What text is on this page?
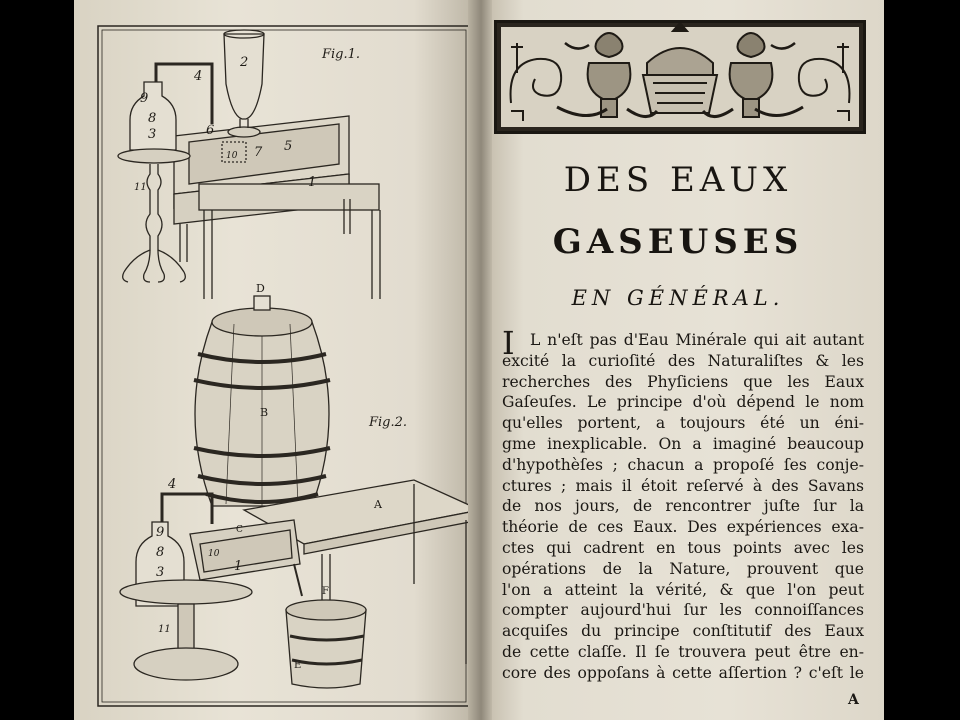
Fig.1.
Fig.2.
2
4
9
8
3	6
10 7 5
1
11
D
B
A
F
E
C
4
9
8
3
10
1
11
DES EAUX
GASEUSES
EN GÉNÉRAL.
I L n'eſt pas d'Eau Minérale qui ait autant
excité la curioſité des Naturaliſtes & les
recherches des Phyſiciens que les Eaux
Gaſeuſes. Le principe d'où dépend le nom
qu'elles portent, a toujours été un éni-
gme inexplicable. On a imaginé beaucoup
d'hypothèſes ; chacun a propoſé ſes conje-
ctures ; mais il étoit reſervé à des Savans
de nos jours, de rencontrer juſte ſur la
théorie de ces Eaux. Des expériences exa-
ctes qui cadrent en tous points avec les
opérations de la Nature, prouvent que
l'on a atteint la vérité, & que l'on peut
compter aujourd'hui ſur les connoiſſances
acquiſes du principe conſtitutif des Eaux
de cette claſſe. Il ſe trouvera peut être en-
core des oppoſans à cette aſſertion ? c'eſt le
A
